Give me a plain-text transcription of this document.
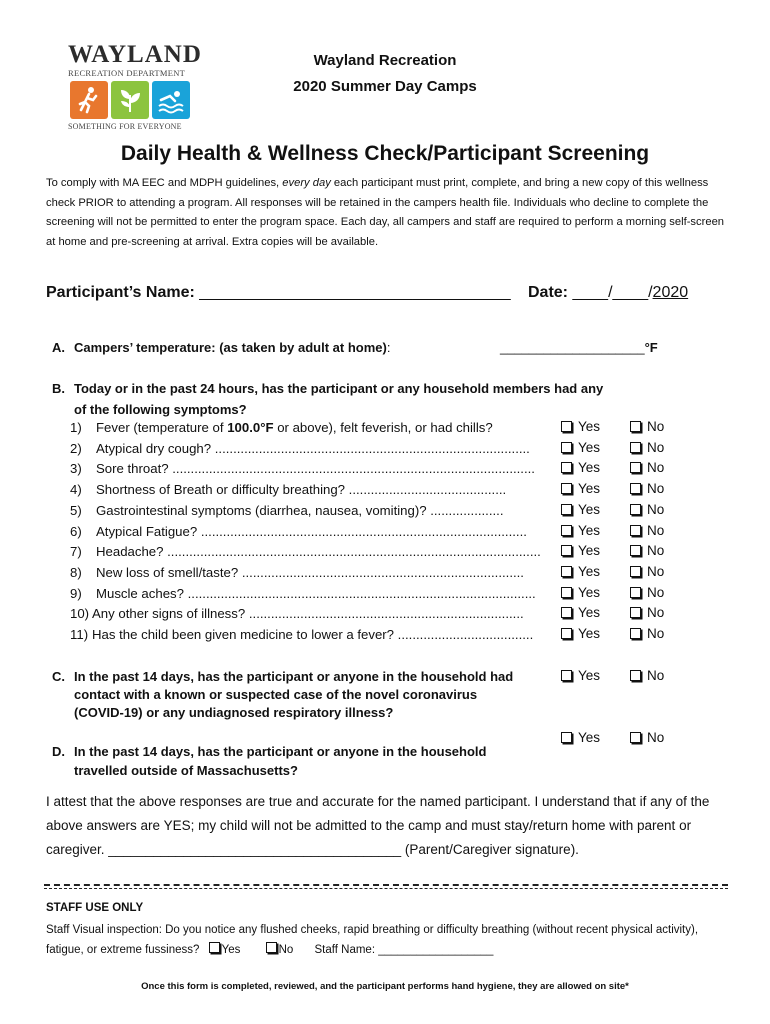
WAYLAND
RECREATION DEPARTMENT
SOMETHING FOR EVERYONE
Wayland Recreation
2020 Summer Day Camps
Daily Health & Wellness Check/Participant Screening
To comply with MA EEC and MDPH guidelines, every day each participant must print, complete, and bring a new copy of this wellness check PRIOR to attending a program. All responses will be retained in the campers health file. Individuals who decline to complete the screening will not be permitted to enter the program space. Each day, all campers and staff are required to perform a morning self-screen at home and pre-screening at arrival. Extra copies will be available.
Participant’s Name: ___________________________________ Date: ____/____/2020
A. Campers’ temperature: (as taken by adult at home):	____________________°F
B. Today or in the past 24 hours, has the participant or any household members had any
of the following symptoms?
1) Fever (temperature of 100.0°F or above), felt feverish, or had chills?	Yes	No
2) Atypical dry cough? ......................................................................................	Yes	No
3) Sore throat? ...................................................................................................	Yes	No
4) Shortness of Breath or difficulty breathing? ...........................................	Yes	No
5) Gastrointestinal symptoms (diarrhea, nausea, vomiting)? ....................	Yes	No
6) Atypical Fatigue? .........................................................................................	Yes	No
7) Headache? ......................................................................................................	Yes	No
8) New loss of smell/taste? .............................................................................	Yes	No
9) Muscle aches? ...............................................................................................	Yes	No
10) Any other signs of illness? ...........................................................................	Yes	No
11) Has the child been given medicine to lower a fever? .....................................	Yes	No
C. In the past 14 days, has the participant or anyone in the household had
contact with a known or suspected case of the novel coronavirus
(COVID-19) or any undiagnosed respiratory illness?
Yes	No
D. In the past 14 days, has the participant or anyone in the household
travelled outside of Massachusetts?
Yes	No
I attest that the above responses are true and accurate for the named participant. I understand that if any of the above answers are YES; my child will not be admitted to the camp and must stay/return home with parent or caregiver. _______________________________________ (Parent/Caregiver signature).
STAFF USE ONLY
Staff Visual inspection: Do you notice any flushed cheeks, rapid breathing or difficulty breathing (without recent physical activity), fatigue, or extreme fussiness? Yes	No Staff Name: __________________
Once this form is completed, reviewed, and the participant performs hand hygiene, they are allowed on site*
